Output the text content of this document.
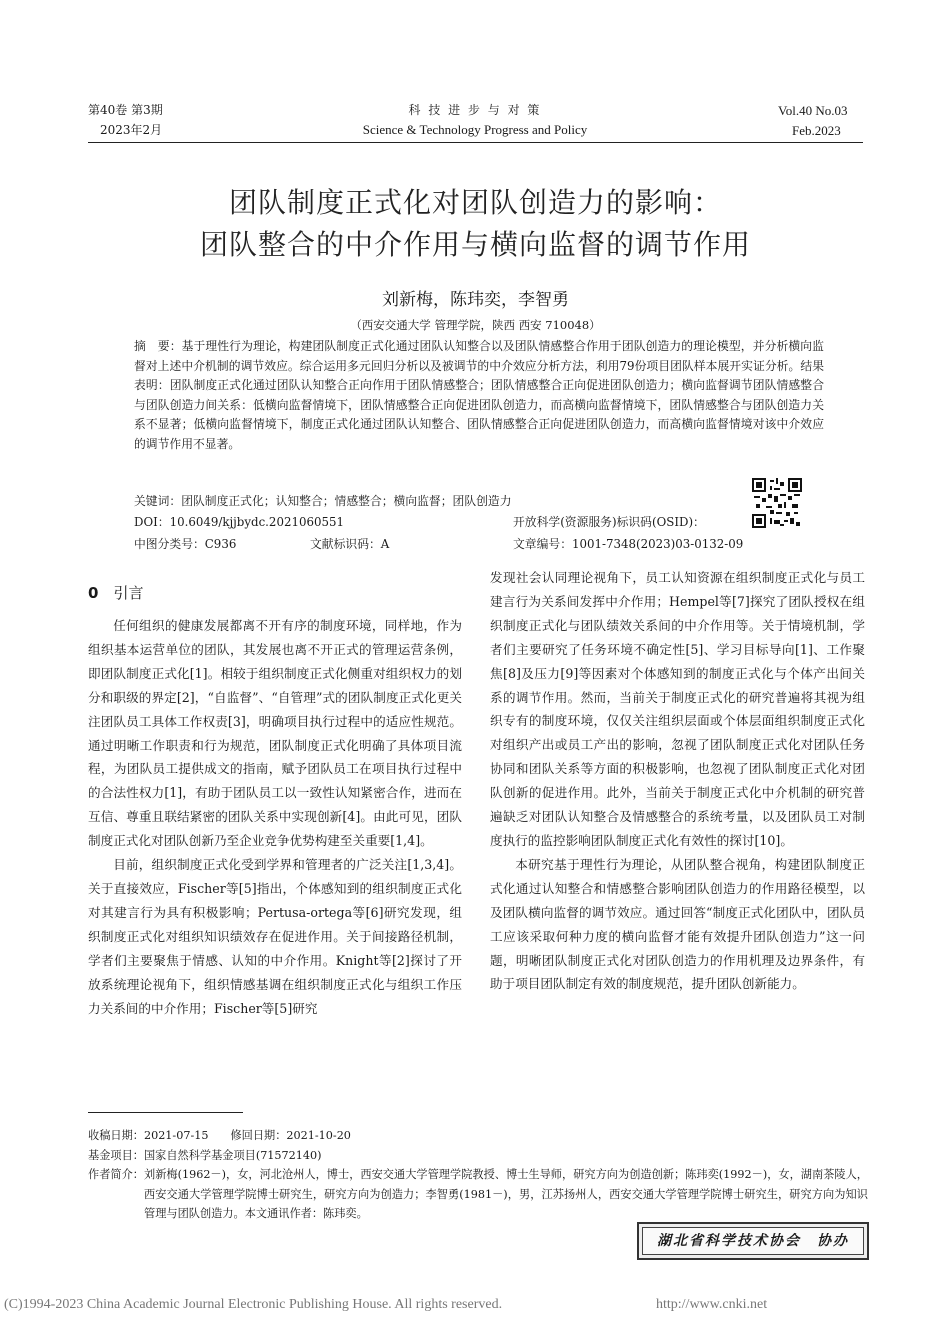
第40卷 第3期
2023年2月
科 技 进 步 与 对 策
Science & Technology Progress and Policy
Vol.40 No.03
Feb.2023
团队制度正式化对团队创造力的影响：
团队整合的中介作用与横向监督的调节作用
刘新梅，陈玮奕，李智勇
（西安交通大学 管理学院，陕西 西安 710048）
摘　要：基于理性行为理论，构建团队制度正式化通过团队认知整合以及团队情感整合作用于团队创造力的理论模型，并分析横向监督对上述中介机制的调节效应。综合运用多元回归分析以及被调节的中介效应分析方法，利用79份项目团队样本展开实证分析。结果表明：团队制度正式化通过团队认知整合正向作用于团队情感整合；团队情感整合正向促进团队创造力；横向监督调节团队情感整合与团队创造力间关系：低横向监督情境下，团队情感整合正向促进团队创造力，而高横向监督情境下，团队情感整合与团队创造力关系不显著；低横向监督情境下，制度正式化通过团队认知整合、团队情感整合正向促进团队创造力，而高横向监督情境对该中介效应的调节作用不显著。
关键词：团队制度正式化；认知整合；情感整合；横向监督；团队创造力
DOI：10.6049/kjjbydc.2021060551	开放科学(资源服务)标识码(OSID)：
中图分类号：C936	文献标识码：A	文章编号：1001-7348(2023)03-0132-09
0　 引言

任何组织的健康发展都离不开有序的制度环境，同样地，作为组织基本运营单位的团队，其发展也离不开正式的管理运营条例，即团队制度正式化[1]。相较于组织制度正式化侧重对组织权力的划分和职级的界定[2]，“自监督”、“自管理”式的团队制度正式化更关注团队员工具体工作权责[3]，明确项目执行过程中的适应性规范。通过明晰工作职责和行为规范，团队制度正式化明确了具体项目流程，为团队员工提供成文的指南，赋予团队员工在项目执行过程中的合法性权力[1]，有助于团队员工以一致性认知紧密合作，进而在互信、尊重且联结紧密的团队关系中实现创新[4]。由此可见，团队制度正式化对团队创新乃至企业竞争优势构建至关重要[1,4]。

目前，组织制度正式化受到学界和管理者的广泛关注[1,3,4]。关于直接效应，Fischer等[5]指出，个体感知到的组织制度正式化对其建言行为具有积极影响；Pertusa-ortega等[6]研究发现，组织制度正式化对组织知识绩效存在促进作用。关于间接路径机制，学者们主要聚焦于情感、认知的中介作用。Knight等[2]探讨了开放系统理论视角下，组织情感基调在组织制度正式化与组织工作压力关系间的中介作用；Fischer等[5]研究

发现社会认同理论视角下，员工认知资源在组织制度正式化与员工建言行为关系间发挥中介作用；Hempel等[7]探究了团队授权在组织制度正式化与团队绩效关系间的中介作用等。关于情境机制，学者们主要研究了任务环境不确定性[5]、学习目标导向[1]、工作聚焦[8]及压力[9]等因素对个体感知到的制度正式化与个体产出间关系的调节作用。然而，当前关于制度正式化的研究普遍将其视为组织专有的制度环境，仅仅关注组织层面或个体层面组织制度正式化对组织产出或员工产出的影响，忽视了团队制度正式化对团队任务协同和团队关系等方面的积极影响，也忽视了团队制度正式化对团队创新的促进作用。此外，当前关于制度正式化中介机制的研究普遍缺乏对团队认知整合及情感整合的系统考量，以及团队员工对制度执行的监控影响团队制度正式化有效性的探讨[10]。

本研究基于理性行为理论，从团队整合视角，构建团队制度正式化通过认知整合和情感整合影响团队创造力的作用路径模型，以及团队横向监督的调节效应。通过回答“制度正式化团队中，团队员工应该采取何种力度的横向监督才能有效提升团队创造力”这一问题，明晰团队制度正式化对团队创造力的作用机理及边界条件，有助于项目团队制定有效的制度规范，提升团队创新能力。

收稿日期：2021-07-15 修回日期：2021-10-20
基金项目：国家自然科学基金项目(71572140)
作者简介： 刘新梅(1962－)，女，河北沧州人，博士，西安交通大学管理学院教授、博士生导师，研究方向为创造创新；陈玮奕(1992－)，女，湖南茶陵人，西安交通大学管理学院博士研究生，研究方向为创造力；李智勇(1981－)，男，江苏扬州人，西安交通大学管理学院博士研究生，研究方向为知识管理与团队创造力。本文通讯作者：陈玮奕。
湖北省科学技术协会　协办
(C)1994-2023 China Academic Journal Electronic Publishing House. All rights reserved.	http://www.cnki.net
